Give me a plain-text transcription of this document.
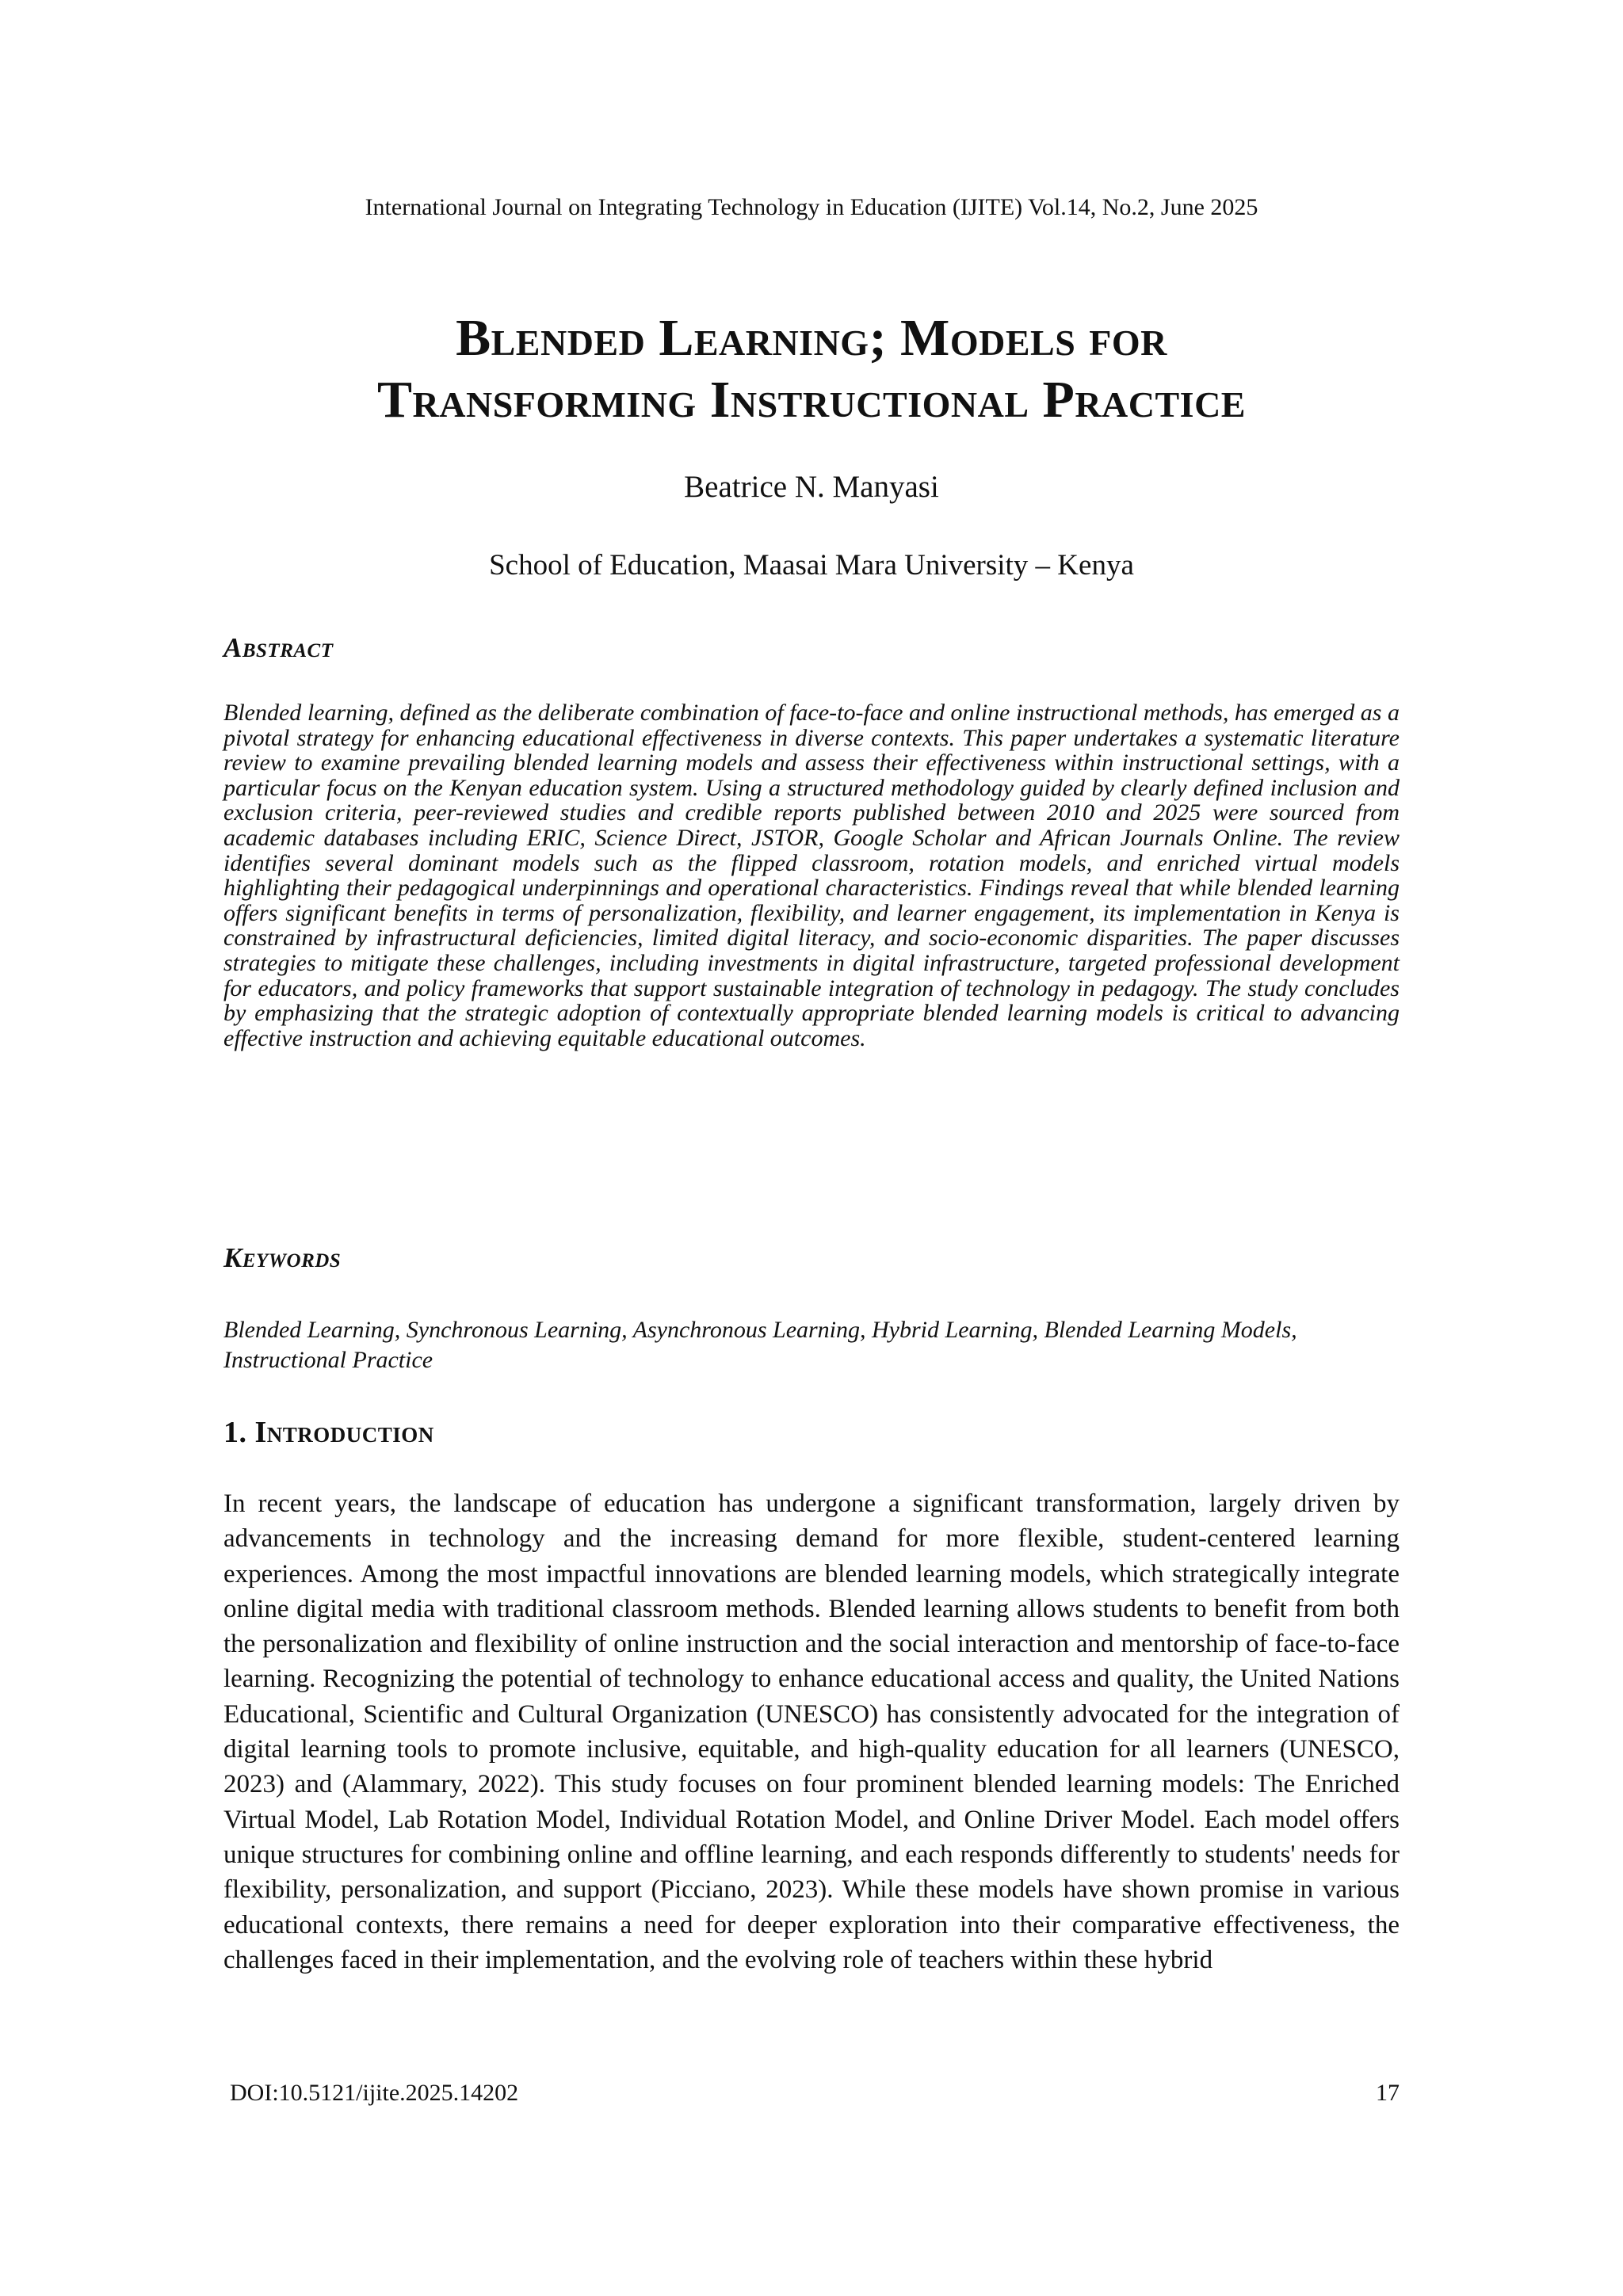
International Journal on Integrating Technology in Education (IJITE) Vol.14, No.2, June 2025
Blended Learning; Models for
Transforming Instructional Practice
Beatrice N. Manyasi
School of Education, Maasai Mara University – Kenya
Abstract
Blended learning, defined as the deliberate combination of face-to-face and online instructional methods, has emerged as a pivotal strategy for enhancing educational effectiveness in diverse contexts. This paper undertakes a systematic literature review to examine prevailing blended learning models and assess their effectiveness within instructional settings, with a particular focus on the Kenyan education system. Using a structured methodology guided by clearly defined inclusion and exclusion criteria, peer-reviewed studies and credible reports published between 2010 and 2025 were sourced from academic databases including ERIC, Science Direct, JSTOR, Google Scholar and African Journals Online. The review identifies several dominant models such as the flipped classroom, rotation models, and enriched virtual models highlighting their pedagogical underpinnings and operational characteristics. Findings reveal that while blended learning offers significant benefits in terms of personalization, flexibility, and learner engagement, its implementation in Kenya is constrained by infrastructural deficiencies, limited digital literacy, and socio-economic disparities. The paper discusses strategies to mitigate these challenges, including investments in digital infrastructure, targeted professional development for educators, and policy frameworks that support sustainable integration of technology in pedagogy. The study concludes by emphasizing that the strategic adoption of contextually appropriate blended learning models is critical to advancing effective instruction and achieving equitable educational outcomes.
Keywords
Blended Learning, Synchronous Learning, Asynchronous Learning, Hybrid Learning, Blended Learning Models, Instructional Practice
1. Introduction
In recent years, the landscape of education has undergone a significant transformation, largely driven by advancements in technology and the increasing demand for more flexible, student-centered learning experiences. Among the most impactful innovations are blended learning models, which strategically integrate online digital media with traditional classroom methods. Blended learning allows students to benefit from both the personalization and flexibility of online instruction and the social interaction and mentorship of face-to-face learning. Recognizing the potential of technology to enhance educational access and quality, the United Nations Educational, Scientific and Cultural Organization (UNESCO) has consistently advocated for the integration of digital learning tools to promote inclusive, equitable, and high-quality education for all learners (UNESCO, 2023) and (Alammary, 2022). This study focuses on four prominent blended learning models: The Enriched Virtual Model, Lab Rotation Model, Individual Rotation Model, and Online Driver Model. Each model offers unique structures for combining online and offline learning, and each responds differently to students' needs for flexibility, personalization, and support (Picciano, 2023). While these models have shown promise in various educational contexts, there remains a need for deeper exploration into their comparative effectiveness, the challenges faced in their implementation, and the evolving role of teachers within these hybrid
DOI:10.5121/ijite.2025.14202	17
